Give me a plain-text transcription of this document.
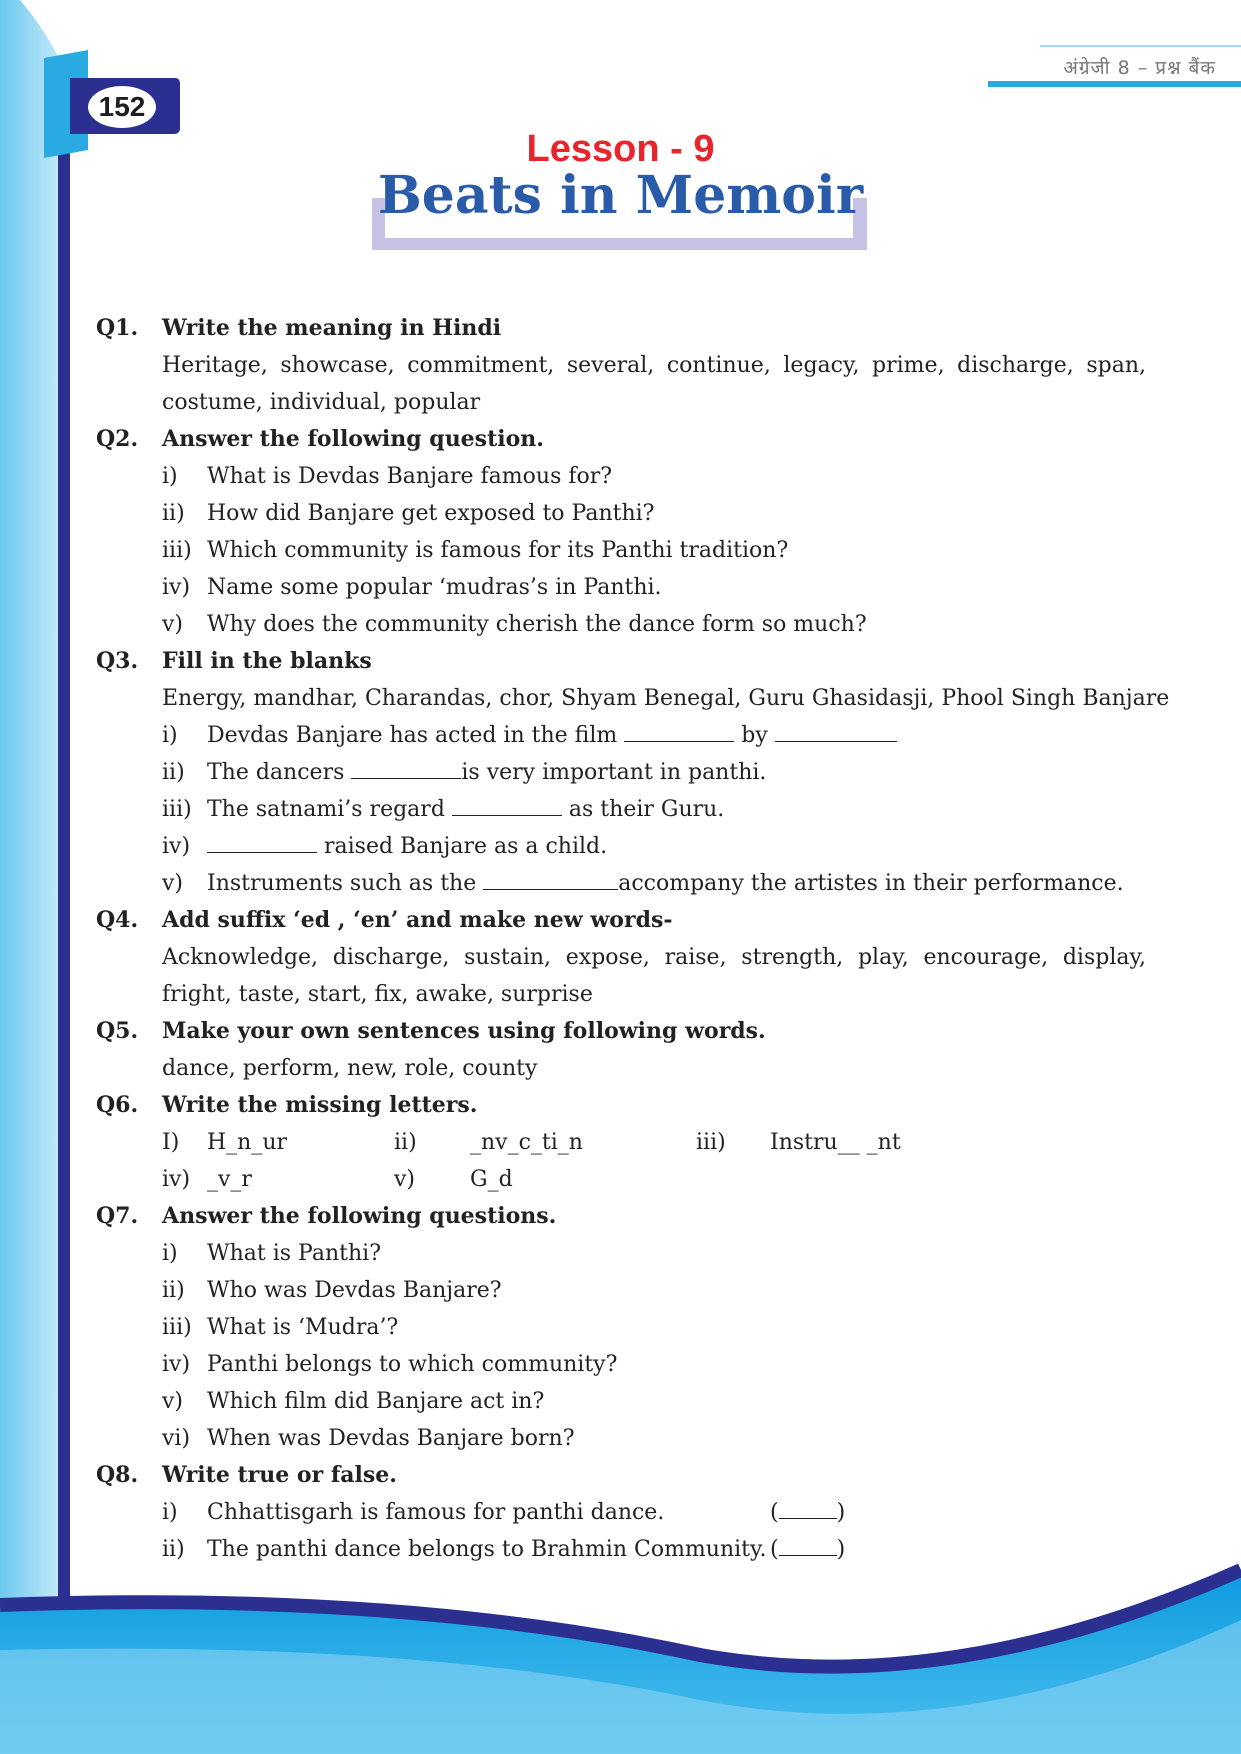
अंग्रेजी 8 – प्रश्न बैंक
152
Lesson - 9
Beats in Memoir
Q1. Write the meaning in Hindi
Heritage, showcase, commitment, several, continue, legacy, prime, discharge, span, costume, individual, popular
Q2. Answer the following question.
i) What is Devdas Banjare famous for?
ii) How did Banjare get exposed to Panthi?
iii) Which community is famous for its Panthi tradition?
iv) Name some popular ‘mudras’s in Panthi.
v) Why does the community cherish the dance form so much?
Q3. Fill in the blanks
Energy, mandhar, Charandas, chor, Shyam Benegal, Guru Ghasidasji, Phool Singh Banjare
i) Devdas Banjare has acted in the film	by
ii) The dancers	is very important in panthi.
iii) The satnami’s regard	as their Guru.
iv)	raised Banjare as a child.
v) Instruments such as the	accompany the artistes in their performance.
Q4. Add suffix ‘ed , ‘en’ and make new words-
Acknowledge, discharge, sustain, expose, raise, strength, play, encourage, display, fright, taste, start, fix, awake, surprise
Q5. Make your own sentences using following words.
dance, perform, new, role, county
Q6. Write the missing letters.
I) H_n_ur	ii) _nv_c_ti_n	iii) Instru__ _nt
iv) _v_r	v) G_d
Q7. Answer the following questions.
i) What is Panthi?
ii) Who was Devdas Banjare?
iii) What is ‘Mudra’?
iv) Panthi belongs to which community?
v) Which film did Banjare act in?
vi) When was Devdas Banjare born?
Q8. Write true or false.
i) Chhattisgarh is famous for panthi dance.	(	)
ii) The panthi dance belongs to Brahmin Community. (	)
